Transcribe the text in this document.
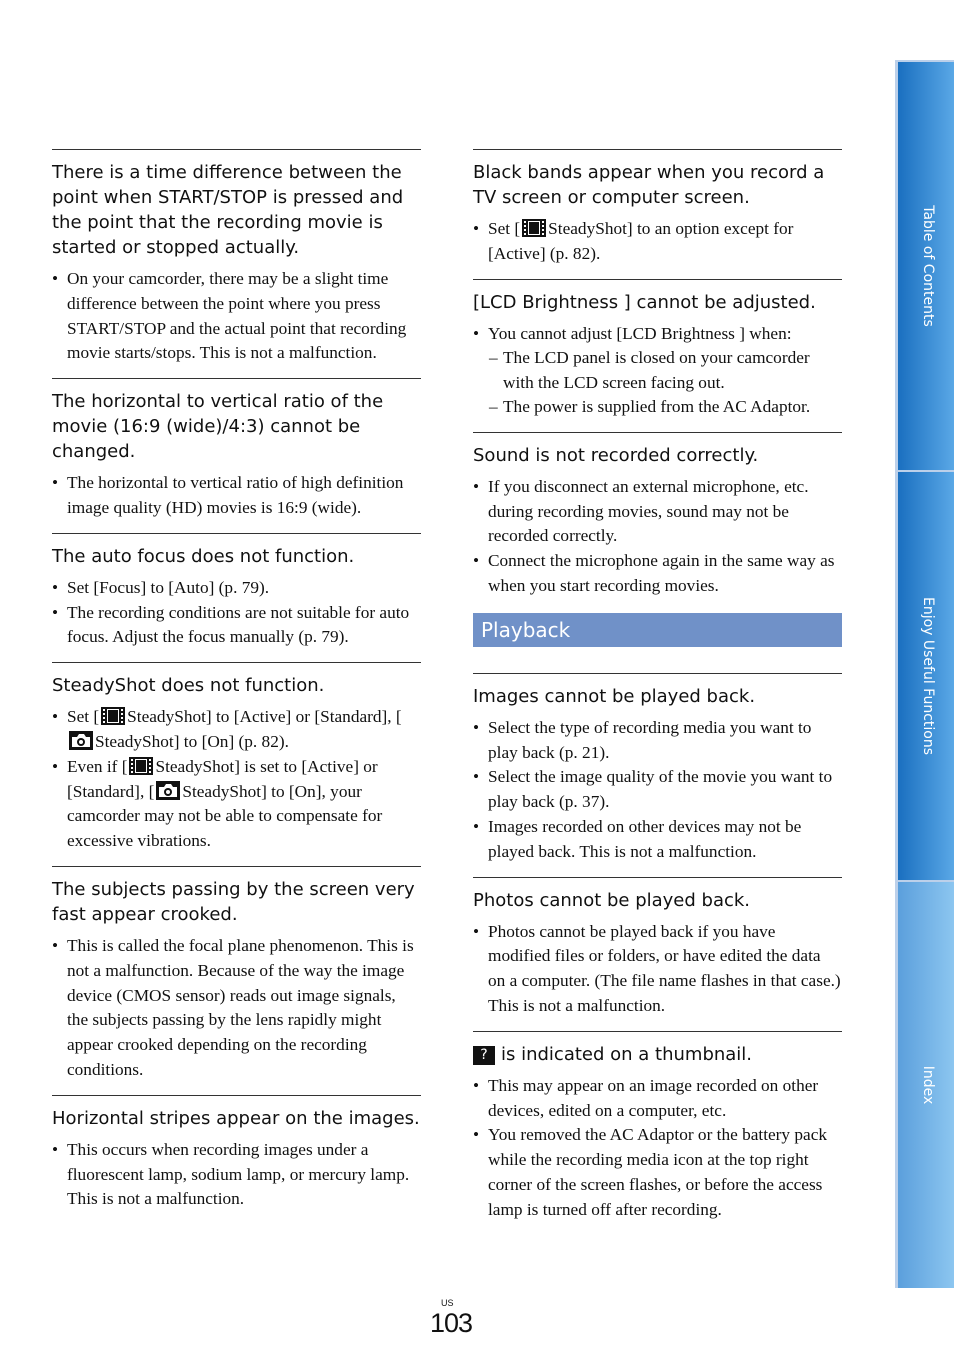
There is a time difference between the point when START/STOP is pressed and the point that the recording movie is started or stopped actually.

• On your camcorder, there may be a slight time difference between the point where you press START/STOP and the actual point that recording movie starts/stops. This is not a malfunction.

The horizontal to vertical ratio of the movie (16:9 (wide)/4:3) cannot be changed.

• The horizontal to vertical ratio of high definition image quality (HD) movies is 16:9 (wide).

The auto focus does not function.

• Set [Focus] to [Auto] (p. 79).
• The recording conditions are not suitable for auto focus. Adjust the focus manually (p. 79).

SteadyShot does not function.

• Set [ SteadyShot] to [Active] or [Standard], [SteadyShot] to [On] (p. 82).
• Even if [ SteadyShot] is set to [Active] or [Standard], [ SteadyShot] to [On], your camcorder may not be able to compensate for excessive vibrations.

The subjects passing by the screen very fast appear crooked.

• This is called the focal plane phenomenon. This is not a malfunction. Because of the way the image device (CMOS sensor) reads out image signals, the subjects passing by the lens rapidly might appear crooked depending on the recording conditions.

Horizontal stripes appear on the images.

• This occurs when recording images under a fluorescent lamp, sodium lamp, or mercury lamp. This is not a malfunction.

Black bands appear when you record a TV screen or computer screen.

• Set [ SteadyShot] to an option except for [Active] (p. 82).

[LCD Brightness ] cannot be adjusted.

• You cannot adjust [LCD Brightness ] when:
– The LCD panel is closed on your camcorder with the LCD screen facing out.
– The power is supplied from the AC Adaptor.

Sound is not recorded correctly.

• If you disconnect an external microphone, etc. during recording movies, sound may not be recorded correctly.
• Connect the microphone again in the same way as when you start recording movies.
Playback

Images cannot be played back.

• Select the type of recording media you want to play back (p. 21).
• Select the image quality of the movie you want to play back (p. 37).
• Images recorded on other devices may not be played back. This is not a malfunction.

Photos cannot be played back.

• Photos cannot be played back if you have modified files or folders, or have edited the data on a computer. (The file name flashes in that case.) This is not a malfunction.

? is indicated on a thumbnail.

• This may appear on an image recorded on other devices, edited on a computer, etc.
• You removed the AC Adaptor or the battery pack while the recording media icon at the top right corner of the screen flashes, or before the access lamp is turned off after recording.
Table of Contents
Enjoy Useful Functions
Index
US
103
